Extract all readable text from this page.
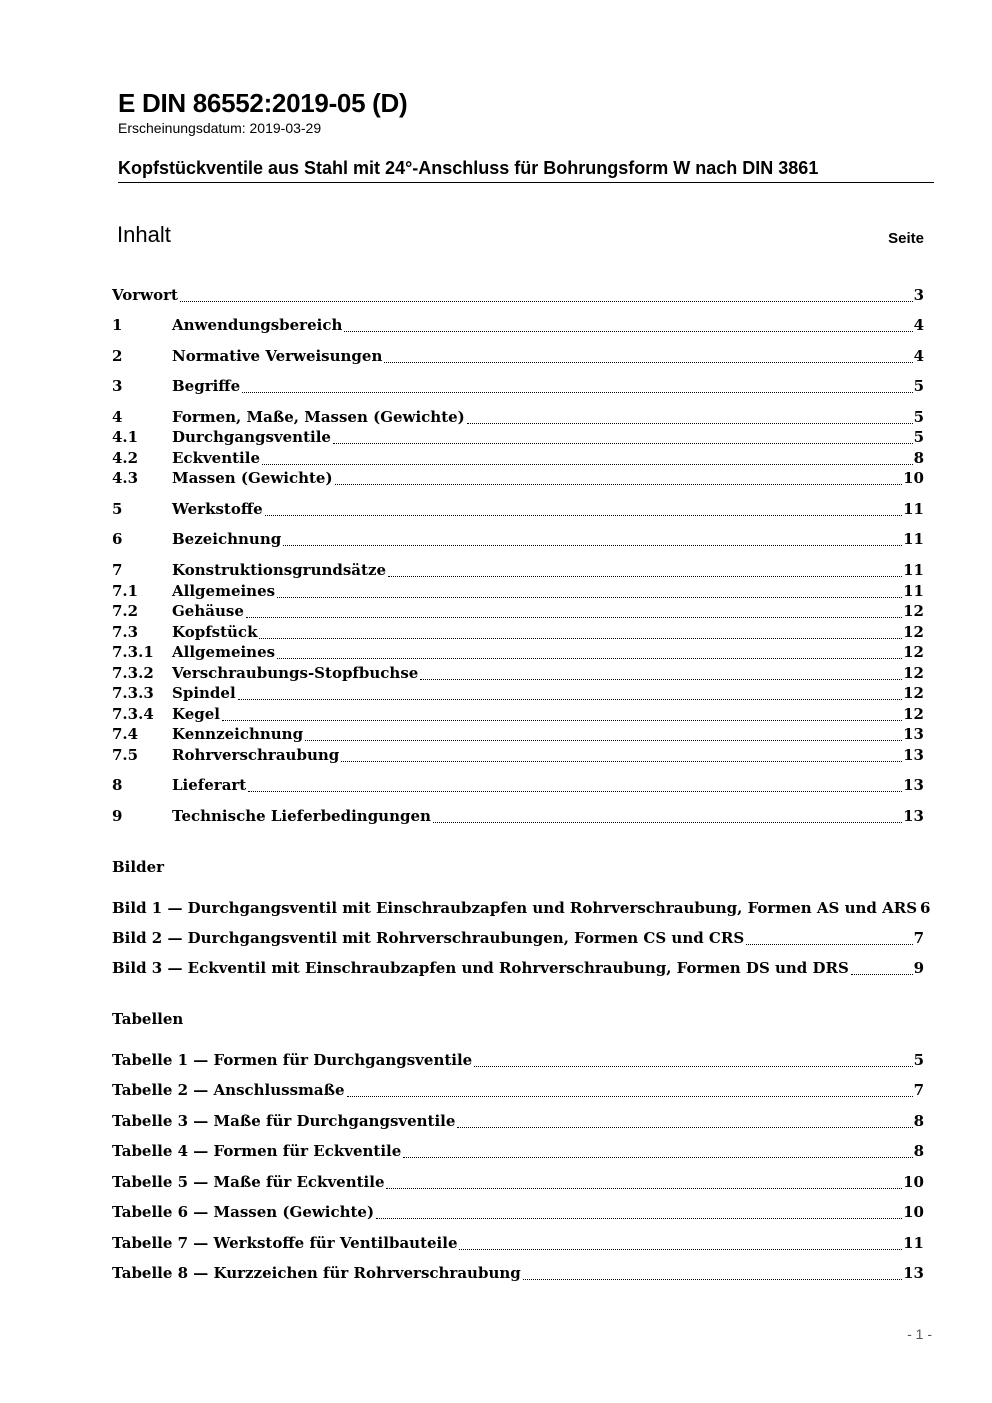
E DIN 86552:2019-05 (D)
Erscheinungsdatum: 2019-03-29
Kopfstückventile aus Stahl mit 24°-Anschluss für Bohrungsform W nach DIN 3861
Inhalt	Seite
Vorwort	3
1	Anwendungsbereich	4
2	Normative Verweisungen	4
3	Begriffe	5
4	Formen, Maße, Massen (Gewichte)	5
4.1	Durchgangsventile	5
4.2	Eckventile	8
4.3	Massen (Gewichte)	10
5	Werkstoffe	11
6	Bezeichnung	11
7	Konstruktionsgrundsätze	11
7.1	Allgemeines	11
7.2	Gehäuse	12
7.3	Kopfstück	12
7.3.1	Allgemeines	12
7.3.2	Verschraubungs-Stopfbuchse	12
7.3.3	Spindel	12
7.3.4	Kegel	12
7.4	Kennzeichnung	13
7.5	Rohrverschraubung	13
8	Lieferart	13
9	Technische Lieferbedingungen	13
Bilder
Bild 1 — Durchgangsventil mit Einschraubzapfen und Rohrverschraubung, Formen AS und ARS 6
Bild 2 — Durchgangsventil mit Rohrverschraubungen, Formen CS und CRS	7
Bild 3 — Eckventil mit Einschraubzapfen und Rohrverschraubung, Formen DS und DRS	9
Tabellen
Tabelle 1 — Formen für Durchgangsventile	5
Tabelle 2 — Anschlussmaße	7
Tabelle 3 — Maße für Durchgangsventile	8
Tabelle 4 — Formen für Eckventile	8
Tabelle 5 — Maße für Eckventile	10
Tabelle 6 — Massen (Gewichte)	10
Tabelle 7 — Werkstoffe für Ventilbauteile	11
Tabelle 8 — Kurzzeichen für Rohrverschraubung	13
- 1 -
